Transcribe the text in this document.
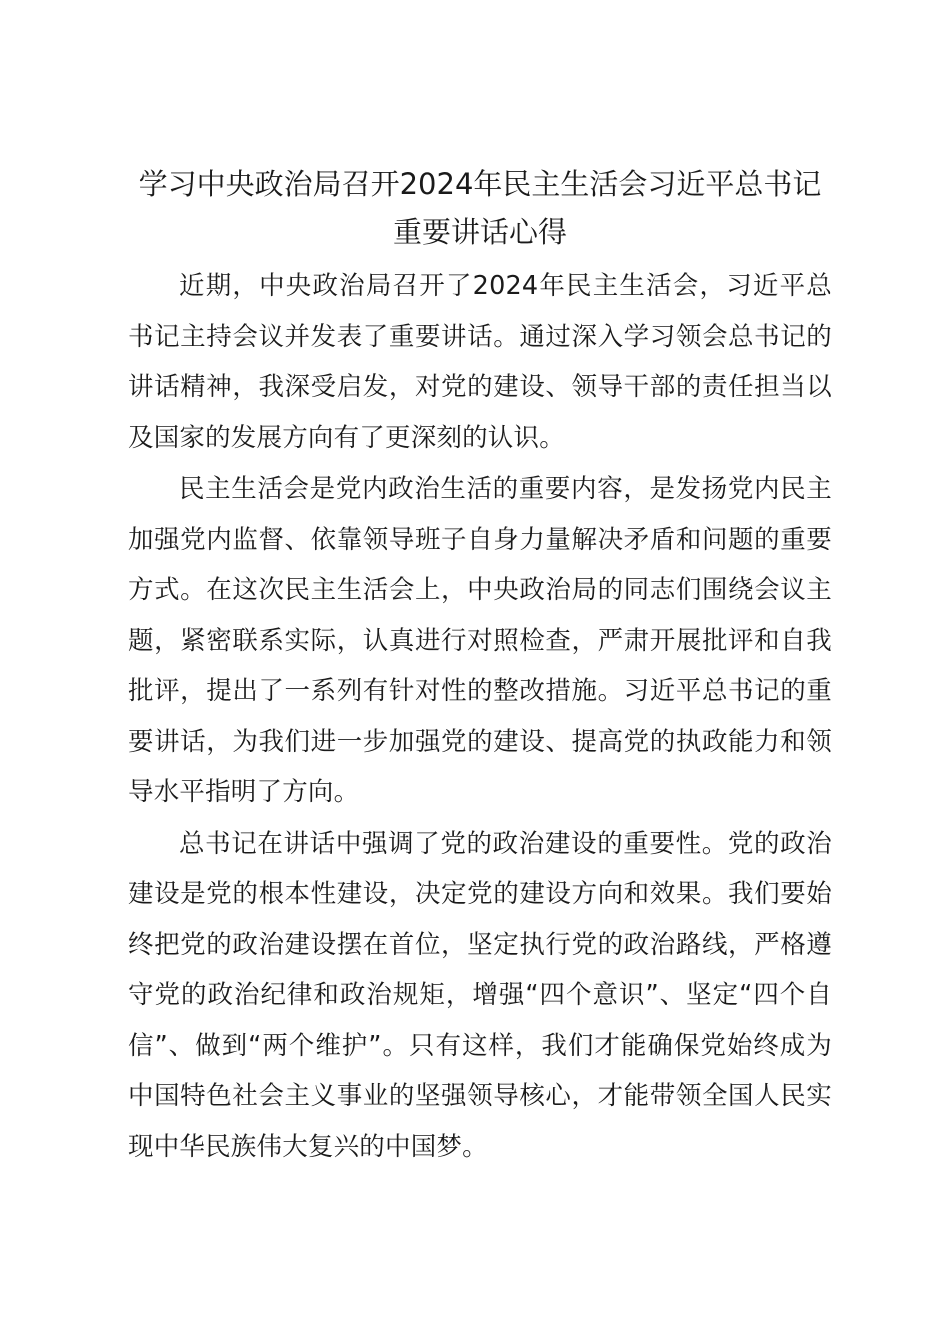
学习中央政治局召开2024年民主生活会习近平总书记
重要讲话心得

近期，中央政治局召开了2024年民主生活会，习近平总书记主持会议并发表了重要讲话。通过深入学习领会总书记的讲话精神，我深受启发，对党的建设、领导干部的责任担当以及国家的发展方向有了更深刻的认识。

民主生活会是党内政治生活的重要内容，是发扬党内民主加强党内监督、依靠领导班子自身力量解决矛盾和问题的重要方式。在这次民主生活会上，中央政治局的同志们围绕会议主题，紧密联系实际，认真进行对照检查，严肃开展批评和自我批评，提出了一系列有针对性的整改措施。习近平总书记的重要讲话，为我们进一步加强党的建设、提高党的执政能力和领导水平指明了方向。

总书记在讲话中强调了党的政治建设的重要性。党的政治建设是党的根本性建设，决定党的建设方向和效果。我们要始终把党的政治建设摆在首位，坚定执行党的政治路线，严格遵守党的政治纪律和政治规矩，增强“四个意识”、坚定“四个自信”、做到“两个维护”。只有这样，我们才能确保党始终成为中国特色社会主义事业的坚强领导核心，才能带领全国人民实现中华民族伟大复兴的中国梦。
